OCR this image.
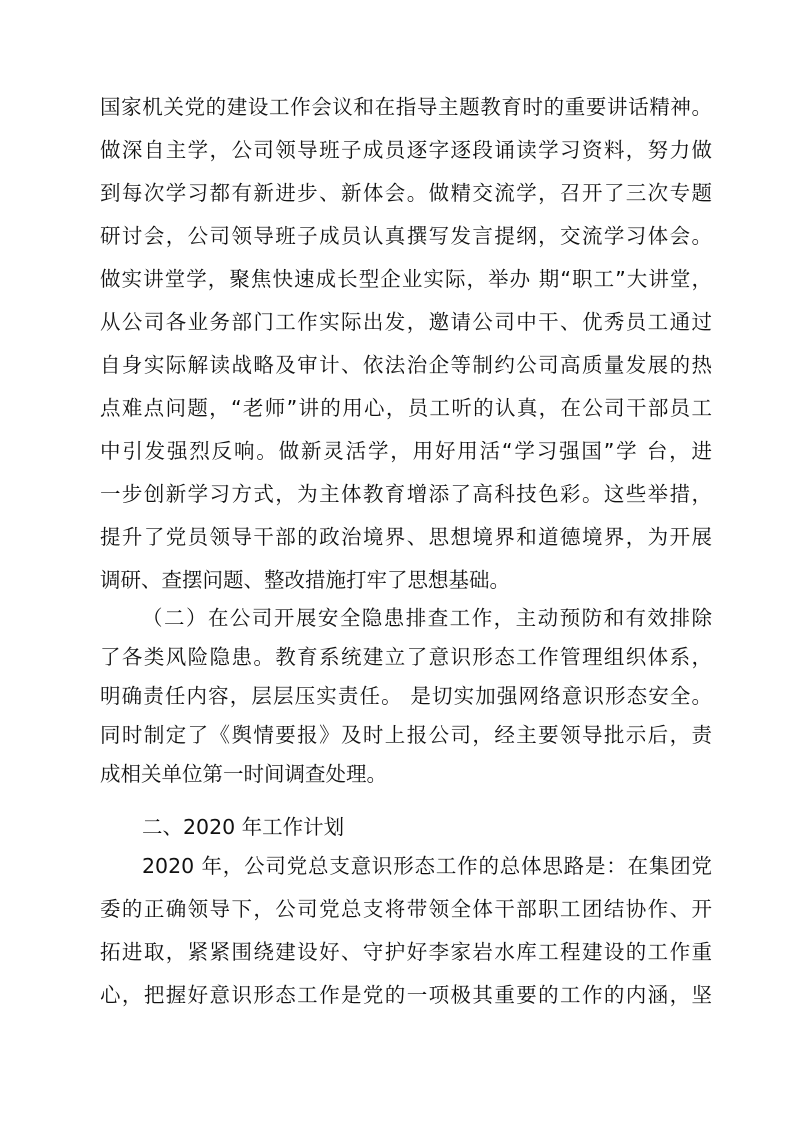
国家机关党的建设工作会议和在指导主题教育时的重要讲话精神。
做深自主学，公司领导班子成员逐字逐段诵读学习资料，努力做
到每次学习都有新进步、新体会。做精交流学，召开了三次专题
研讨会，公司领导班子成员认真撰写发言提纲，交流学习体会。
做实讲堂学，聚焦快速成长型企业实际，举办 期“职工”大讲堂，
从公司各业务部门工作实际出发，邀请公司中干、优秀员工通过
自身实际解读战略及审计、依法治企等制约公司高质量发展的热
点难点问题，“老师”讲的用心，员工听的认真，在公司干部员工
中引发强烈反响。做新灵活学，用好用活“学习强国”学 台，进
一步创新学习方式，为主体教育增添了高科技色彩。这些举措，
提升了党员领导干部的政治境界、思想境界和道德境界，为开展
调研、查摆问题、整改措施打牢了思想基础。
（二）在公司开展安全隐患排查工作，主动预防和有效排除
了各类风险隐患。教育系统建立了意识形态工作管理组织体系，
明确责任内容，层层压实责任。 是切实加强网络意识形态安全。
同时制定了《舆情要报》及时上报公司，经主要领导批示后，责
成相关单位第一时间调查处理。
二、2020 年工作计划
2020 年，公司党总支意识形态工作的总体思路是：在集团党
委的正确领导下，公司党总支将带领全体干部职工团结协作、开
拓进取，紧紧围绕建设好、守护好李家岩水库工程建设的工作重
心，把握好意识形态工作是党的一项极其重要的工作的内涵，坚
